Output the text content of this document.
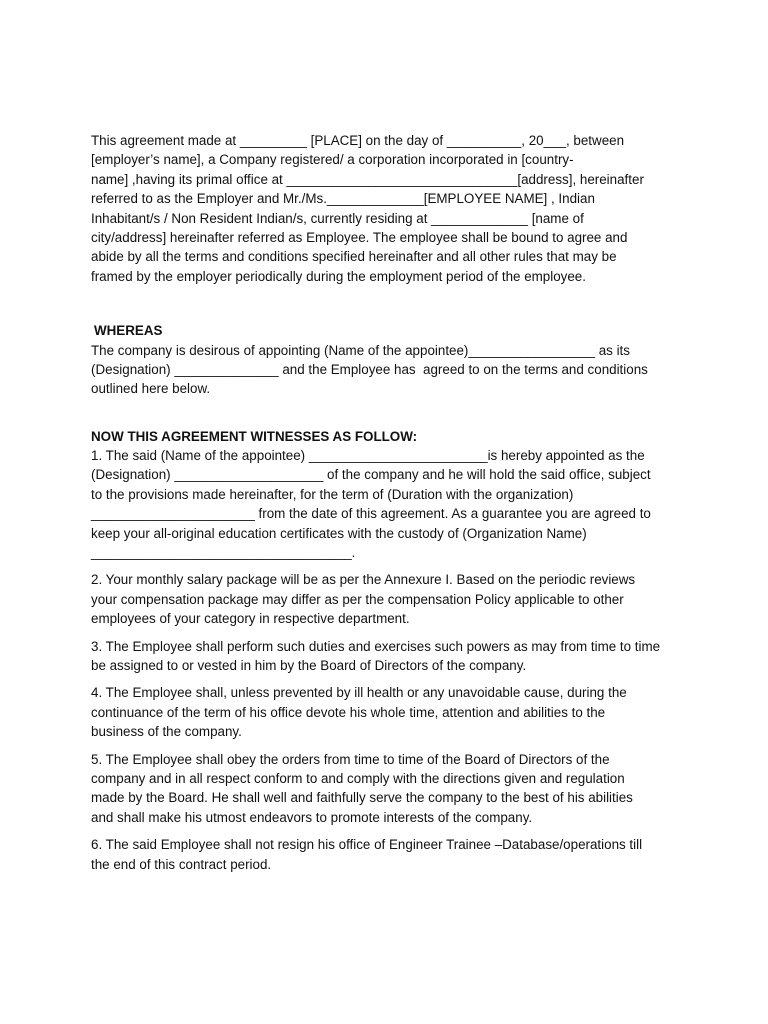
This agreement made at _________ [PLACE] on the day of __________, 20___, between
[employer’s name], a Company registered/ a corporation incorporated in [country-
name] ,having its primal office at _______________________________[address], hereinafter
referred to as the Employer and Mr./Ms._____________[EMPLOYEE NAME] , Indian
Inhabitant/s / Non Resident Indian/s, currently residing at _____________ [name of
city/address] hereinafter referred as Employee. The employee shall be bound to agree and
abide by all the terms and conditions specified hereinafter and all other rules that may be
framed by the employer periodically during the employment period of the employee.
WHEREAS
The company is desirous of appointing (Name of the appointee)_________________ as its
(Designation) ______________ and the Employee has  agreed to on the terms and conditions
outlined here below.
NOW THIS AGREEMENT WITNESSES AS FOLLOW:
1. The said (Name of the appointee) ________________________is hereby appointed as the
(Designation) ____________________ of the company and he will hold the said office, subject
to the provisions made hereinafter, for the term of (Duration with the organization)
______________________ from the date of this agreement. As a guarantee you are agreed to
keep your all-original education certificates with the custody of (Organization Name)
___________________________________.
2. Your monthly salary package will be as per the Annexure I. Based on the periodic reviews
your compensation package may differ as per the compensation Policy applicable to other
employees of your category in respective department.
3. The Employee shall perform such duties and exercises such powers as may from time to time
be assigned to or vested in him by the Board of Directors of the company.
4. The Employee shall, unless prevented by ill health or any unavoidable cause, during the
continuance of the term of his office devote his whole time, attention and abilities to the
business of the company.
5. The Employee shall obey the orders from time to time of the Board of Directors of the
company and in all respect conform to and comply with the directions given and regulation
made by the Board. He shall well and faithfully serve the company to the best of his abilities
and shall make his utmost endeavors to promote interests of the company.
6. The said Employee shall not resign his office of Engineer Trainee –Database/operations till
the end of this contract period.
